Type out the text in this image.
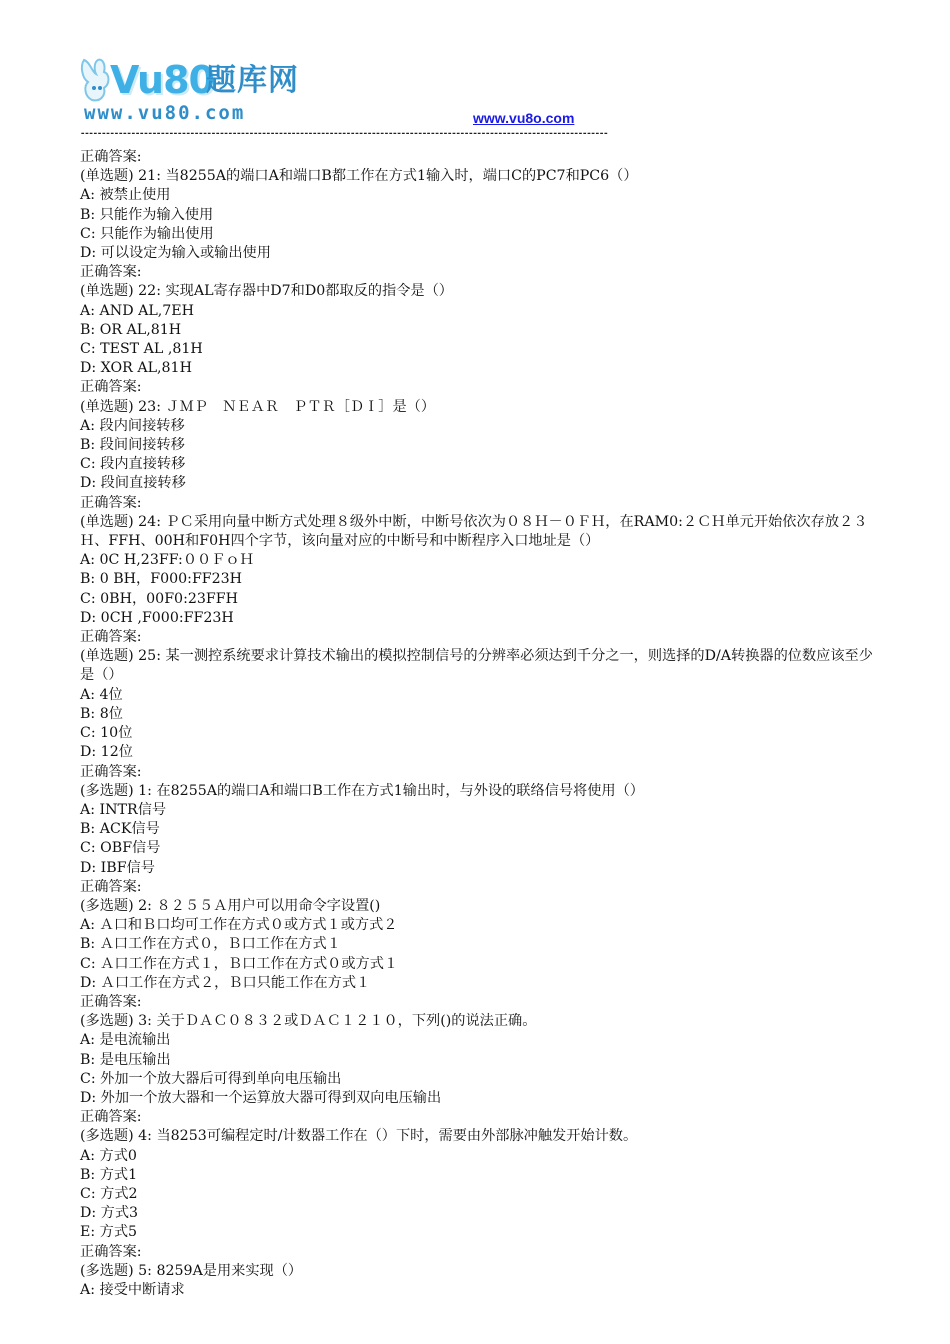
Vu80
题库网
www.vu80.com	www.vu8o.com
-----------------------------------------------------------------------------------------------------------------------------
正确答案:
(单选题) 21: 当8255A的端口A和端口B都工作在方式1输入时，端口C的PC7和PC6（）
A: 被禁止使用
B: 只能作为输入使用
C: 只能作为输出使用
D: 可以设定为输入或输出使用
正确答案:
(单选题) 22: 实现AL寄存器中D7和D0都取反的指令是（）
A: AND AL,7EH
B: OR AL,81H
C: TEST AL ,81H
D: XOR AL,81H
正确答案:
(单选题) 23: ＪＭＰ　ＮＥＡＲ　ＰＴＲ［ＤＩ］是（）
A: 段内间接转移
B: 段间间接转移
C: 段内直接转移
D: 段间直接转移
正确答案:
(单选题) 24: ＰＣ采用向量中断方式处理８级外中断，中断号依次为０８Ｈ－０ＦＨ，在RAM0:２ＣＨ单元开始依次存放２３Ｈ、FFH、00H和F0H四个字节，该向量对应的中断号和中断程序入口地址是（）
A: 0C H,23FF:００ＦｏＨ
B: 0 BH，F000:FF23H
C: 0BH，00F0:23FFH
D: 0CH ,F000:FF23H
正确答案:
(单选题) 25: 某一测控系统要求计算技术输出的模拟控制信号的分辨率必须达到千分之一，则选择的D/A转换器的位数应该至少是（）
A: 4位
B: 8位
C: 10位
D: 12位
正确答案:
(多选题) 1: 在8255A的端口A和端口B工作在方式1输出时，与外设的联络信号将使用（）
A: INTR信号
B: ACK信号
C: OBF信号
D: IBF信号
正确答案:
(多选题) 2: ８２５５Ａ用户可以用命令字设置()
A: Ａ口和Ｂ口均可工作在方式０或方式１或方式２
B: Ａ口工作在方式０，Ｂ口工作在方式１
C: Ａ口工作在方式１，Ｂ口工作在方式０或方式１
D: Ａ口工作在方式２，Ｂ口只能工作在方式１
正确答案:
(多选题) 3: 关于ＤＡＣ０８３２或ＤＡＣ１２１０，下列()的说法正确。
A: 是电流输出
B: 是电压输出
C: 外加一个放大器后可得到单向电压输出
D: 外加一个放大器和一个运算放大器可得到双向电压输出
正确答案:
(多选题) 4: 当8253可编程定时/计数器工作在（）下时，需要由外部脉冲触发开始计数。
A: 方式0
B: 方式1
C: 方式2
D: 方式3
E: 方式5
正确答案:
(多选题) 5: 8259A是用来实现（）
A: 接受中断请求
